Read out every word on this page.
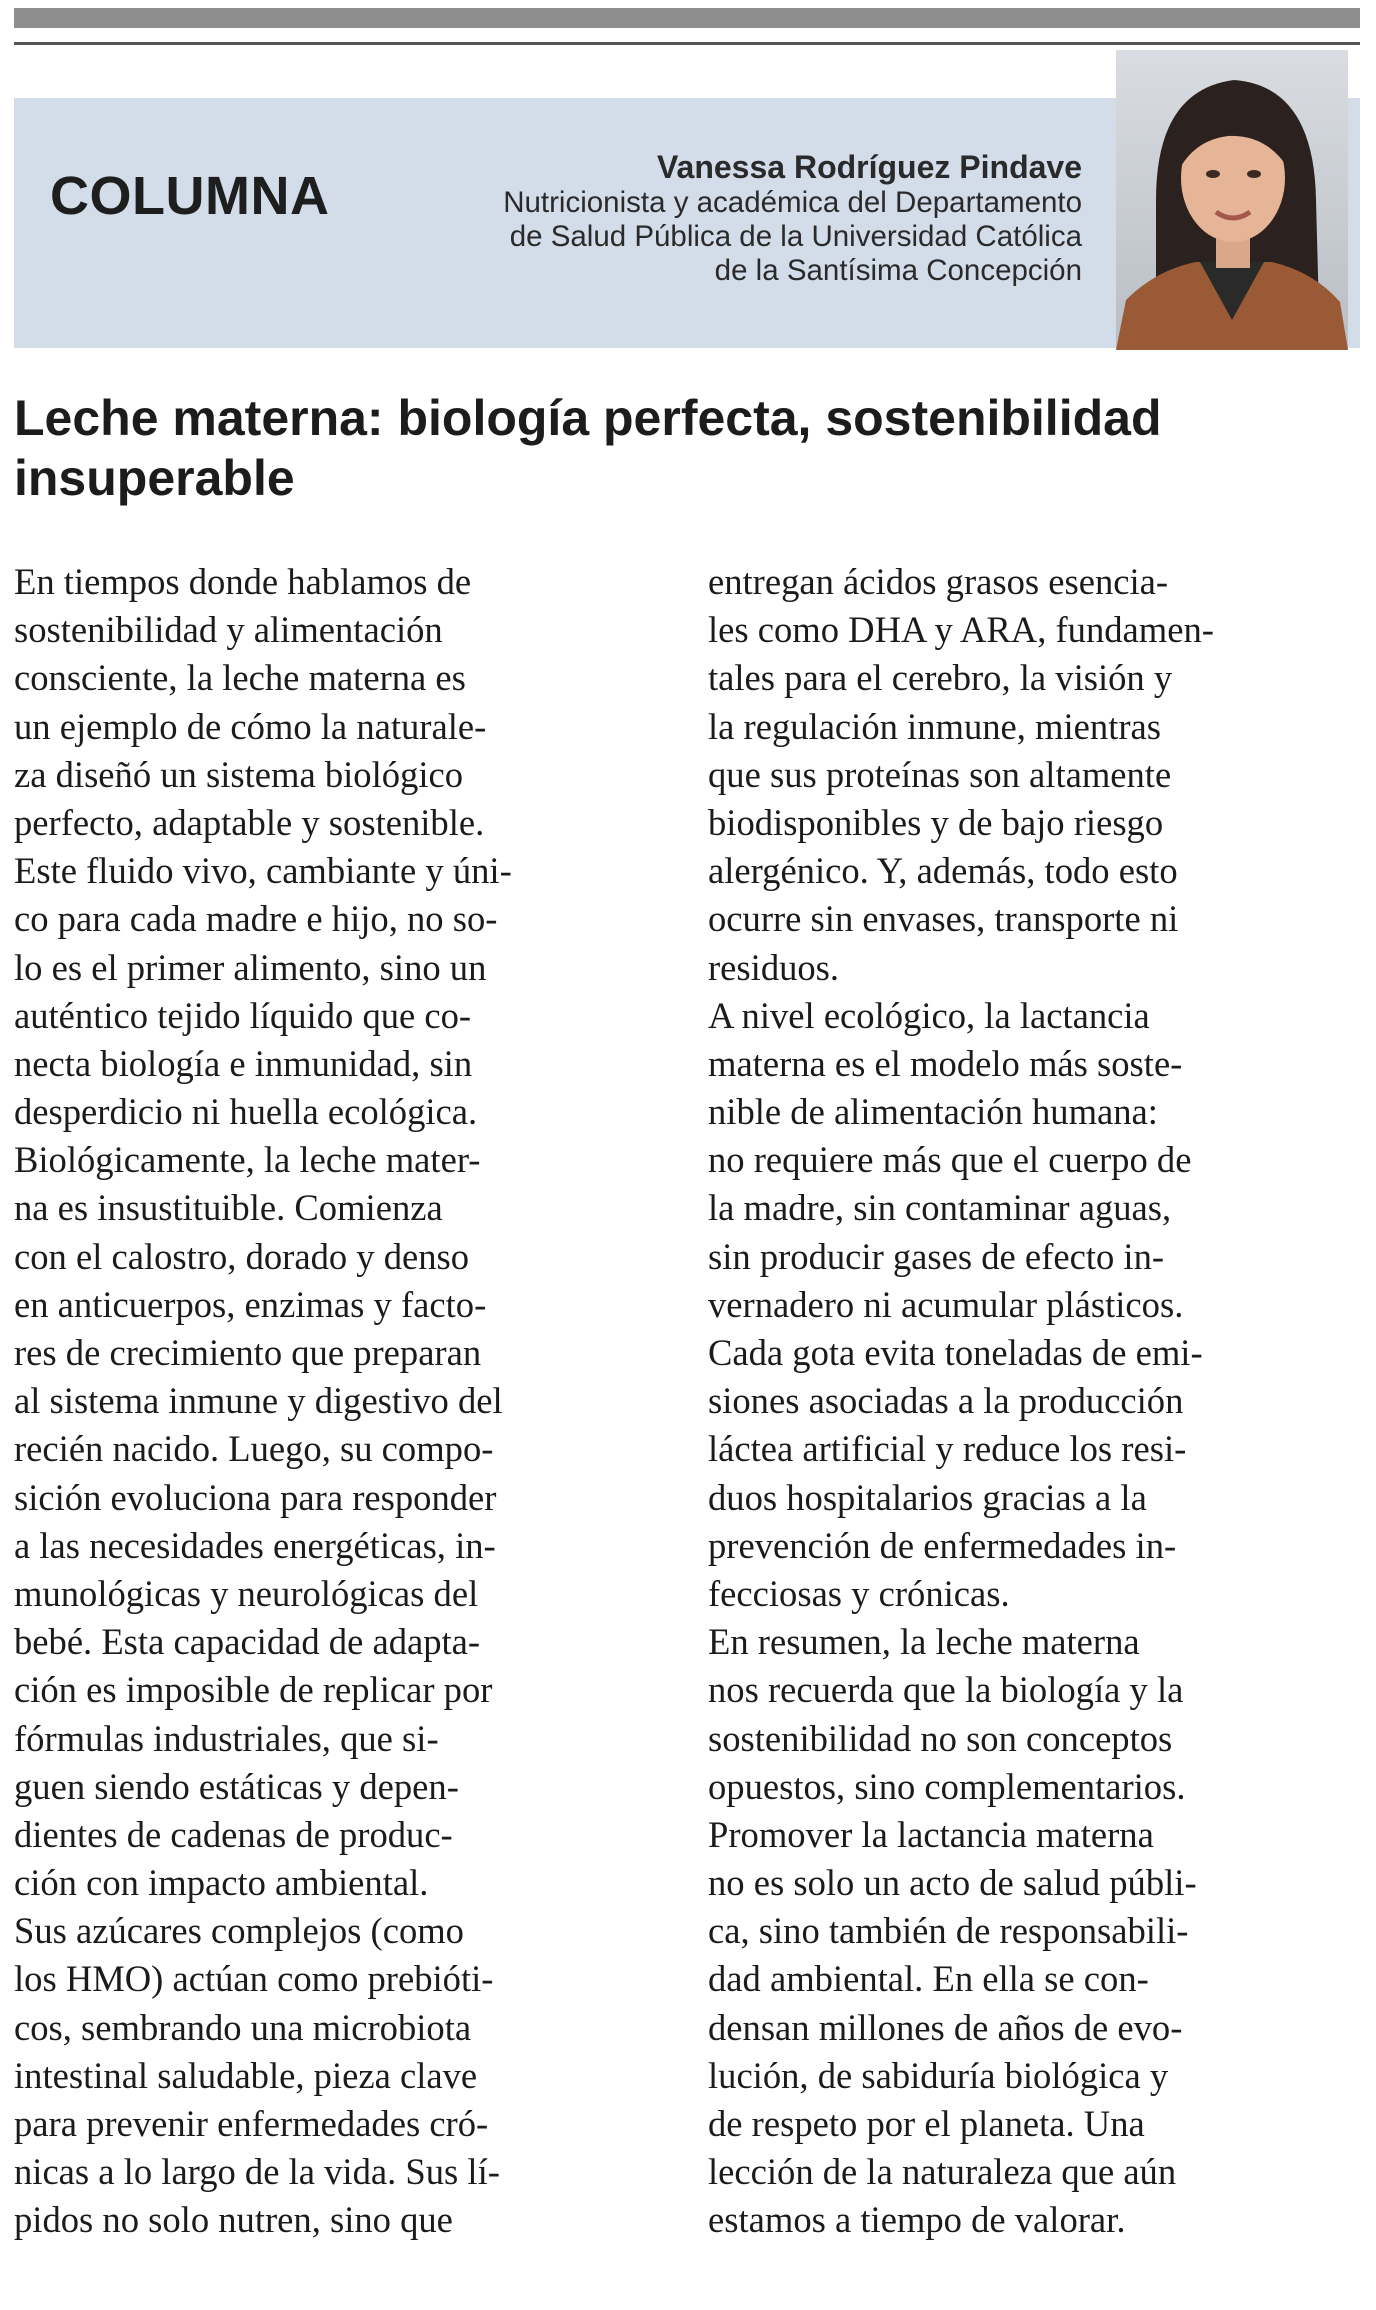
COLUMNA	Vanessa Rodríguez Pindave
Nutricionista y académica del Departamento
de Salud Pública de la Universidad Católica
de la Santísima Concepción
Leche materna: biología perfecta, sostenibilidad
insuperable
En tiempos donde hablamos de
sostenibilidad y alimentación
consciente, la leche materna es
un ejemplo de cómo la naturale-
za diseñó un sistema biológico
perfecto, adaptable y sostenible.
Este fluido vivo, cambiante y úni-
co para cada madre e hijo, no so-
lo es el primer alimento, sino un
auténtico tejido líquido que co-
necta biología e inmunidad, sin
desperdicio ni huella ecológica.
Biológicamente, la leche mater-
na es insustituible. Comienza
con el calostro, dorado y denso
en anticuerpos, enzimas y facto-
res de crecimiento que preparan
al sistema inmune y digestivo del
recién nacido. Luego, su compo-
sición evoluciona para responder
a las necesidades energéticas, in-
munológicas y neurológicas del
bebé. Esta capacidad de adapta-
ción es imposible de replicar por
fórmulas industriales, que si-
guen siendo estáticas y depen-
dientes de cadenas de produc-
ción con impacto ambiental.
Sus azúcares complejos (como
los HMO) actúan como prebióti-
cos, sembrando una microbiota
intestinal saludable, pieza clave
para prevenir enfermedades cró-
nicas a lo largo de la vida. Sus lí-
pidos no solo nutren, sino que
entregan ácidos grasos esencia-
les como DHA y ARA, fundamen-
tales para el cerebro, la visión y
la regulación inmune, mientras
que sus proteínas son altamente
biodisponibles y de bajo riesgo
alergénico. Y, además, todo esto
ocurre sin envases, transporte ni
residuos.
A nivel ecológico, la lactancia
materna es el modelo más soste-
nible de alimentación humana:
no requiere más que el cuerpo de
la madre, sin contaminar aguas,
sin producir gases de efecto in-
vernadero ni acumular plásticos.
Cada gota evita toneladas de emi-
siones asociadas a la producción
láctea artificial y reduce los resi-
duos hospitalarios gracias a la
prevención de enfermedades in-
fecciosas y crónicas.
En resumen, la leche materna
nos recuerda que la biología y la
sostenibilidad no son conceptos
opuestos, sino complementarios.
Promover la lactancia materna
no es solo un acto de salud públi-
ca, sino también de responsabili-
dad ambiental. En ella se con-
densan millones de años de evo-
lución, de sabiduría biológica y
de respeto por el planeta. Una
lección de la naturaleza que aún
estamos a tiempo de valorar.
